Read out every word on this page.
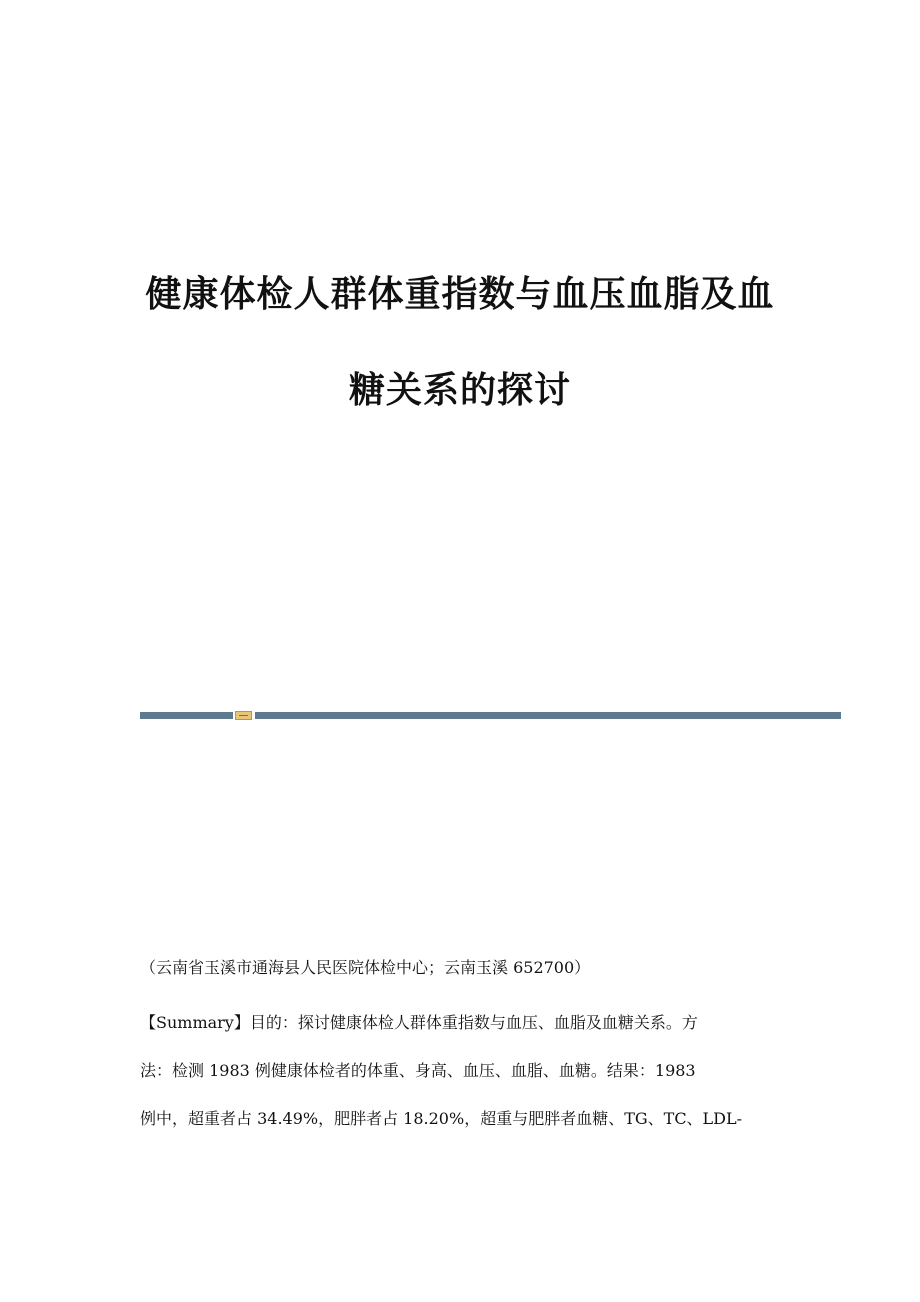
健康体检人群体重指数与血压血脂及血
糖关系的探讨
（云南省玉溪市通海县人民医院体检中心；云南玉溪 652700）

【Summary】目的：探讨健康体检人群体重指数与血压、血脂及血糖关系。方

法：检测 1983 例健康体检者的体重、身高、血压、血脂、血糖。结果：1983

例中，超重者占 34.49%，肥胖者占 18.20%，超重与肥胖者血糖、TG、TC、LDL-
